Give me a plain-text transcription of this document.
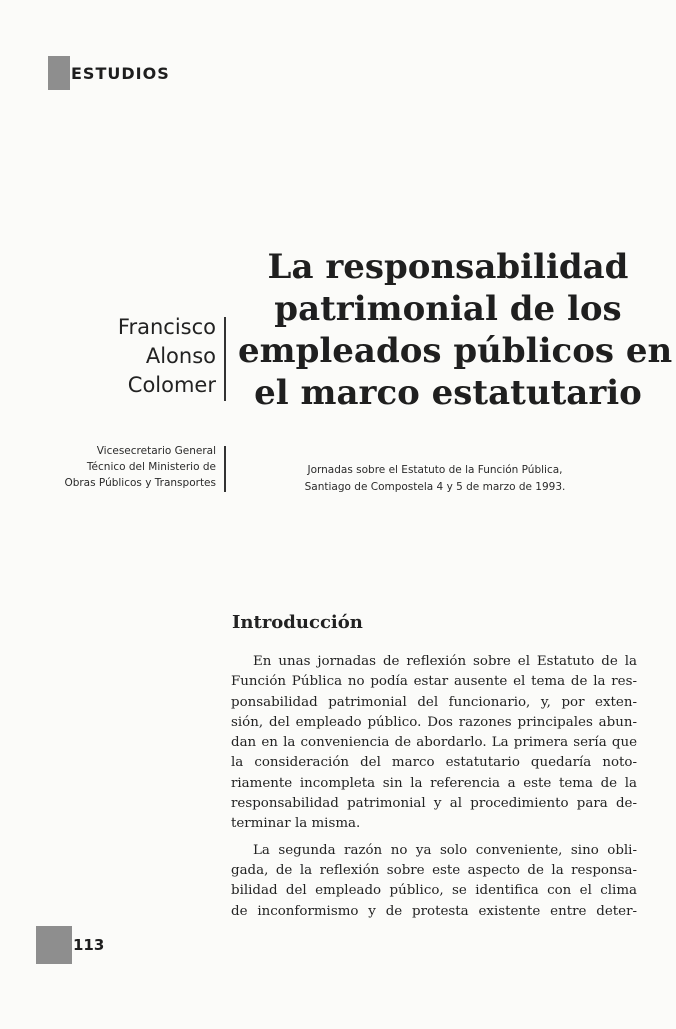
ESTUDIOS
Francisco
Alonso
Colomer
La responsabilidad
patrimonial de los
empleados públicos en
el marco estatutario
Vicesecretario General
Técnico del Ministerio de
Obras Públicos y Transportes
Jornadas sobre el Estatuto de la Función Pública,
Santiago de Compostela 4 y 5 de marzo de 1993.
Introducción
En unas jornadas de reflexión sobre el Estatuto de la
Función Pública no podía estar ausente el tema de la res-
ponsabilidad patrimonial del funcionario, y, por exten-
sión, del empleado público. Dos razones principales abun-
dan en la conveniencia de abordarlo. La primera sería que
la consideración del marco estatutario quedaría noto-
riamente incompleta sin la referencia a este tema de la
responsabilidad patrimonial y al procedimiento para de-
terminar la misma.
La segunda razón no ya solo conveniente, sino obli-
gada, de la reflexión sobre este aspecto de la responsa-
bilidad del empleado público, se identifica con el clima
de inconformismo y de protesta existente entre deter-
113
